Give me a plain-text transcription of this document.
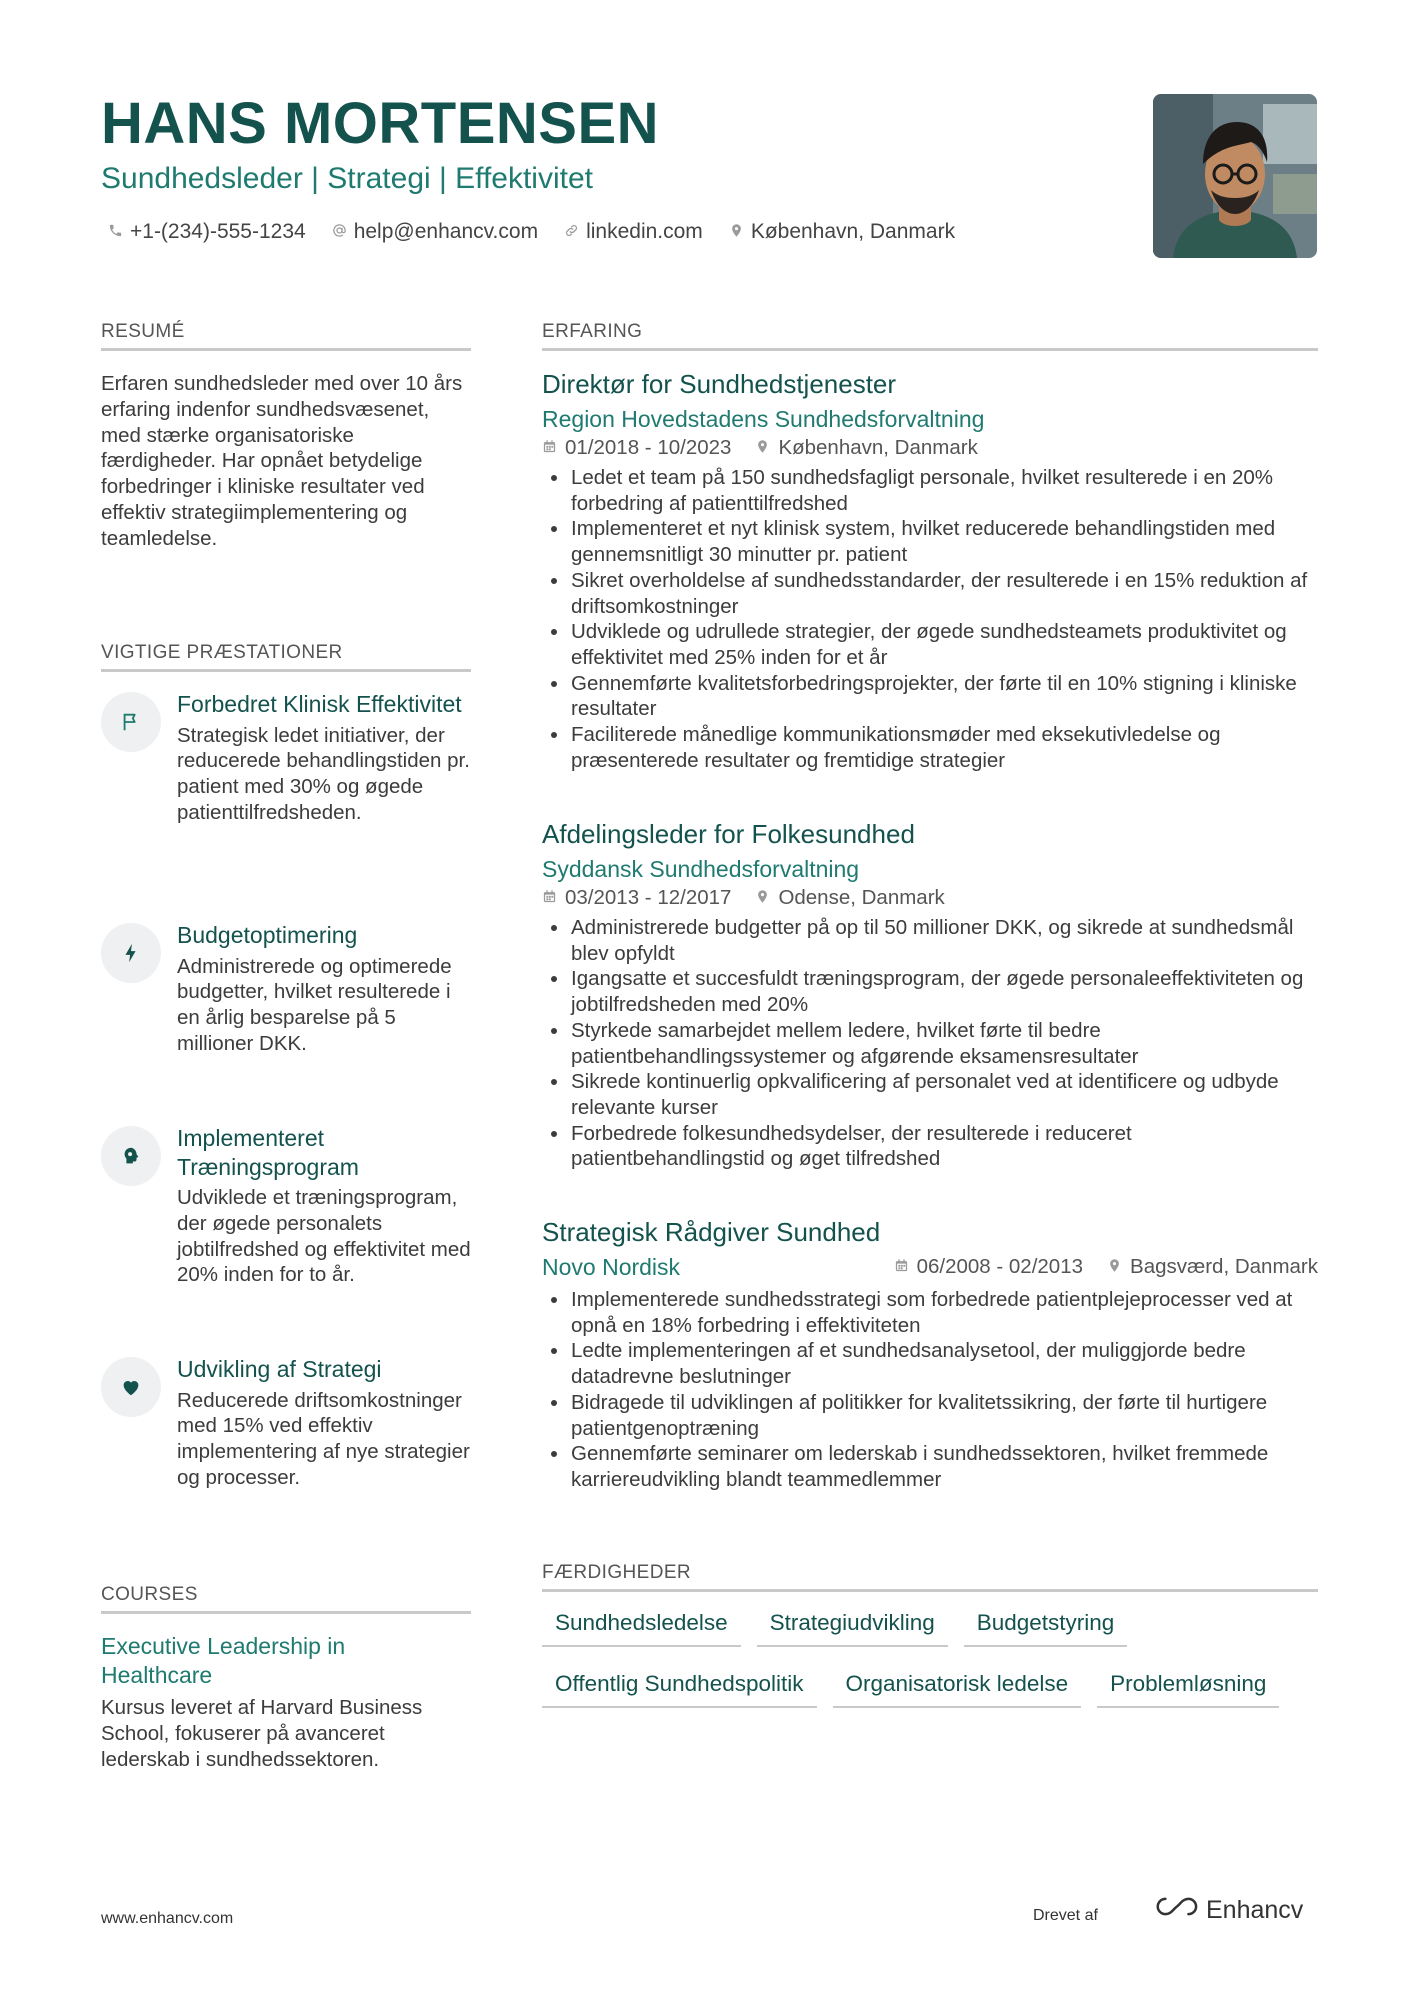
HANS MORTENSEN
Sundhedsleder | Strategi | Effektivitet
+1-(234)-555-1234 help@enhancv.com linkedin.com København, Danmark
RESUMÉ
Erfaren sundhedsleder med over 10 års erfaring indenfor sundhedsvæsenet, med stærke organisatoriske færdigheder. Har opnået betydelige forbedringer i kliniske resultater ved effektiv strategiimplementering og teamledelse.
VIGTIGE PRÆSTATIONER
Forbedret Klinisk Effektivitet
Strategisk ledet initiativer, der reducerede behandlingstiden pr. patient med 30% og øgede patienttilfredsheden.
Budgetoptimering
Administrerede og optimerede budgetter, hvilket resulterede i en årlig besparelse på 5 millioner DKK.
Implementeret Træningsprogram
Udviklede et træningsprogram, der øgede personalets jobtilfredshed og effektivitet med 20% inden for to år.
Udvikling af Strategi
Reducerede driftsomkostninger med 15% ved effektiv implementering af nye strategier og processer.
COURSES
Executive Leadership in Healthcare
Kursus leveret af Harvard Business School, fokuserer på avanceret lederskab i sundhedssektoren.
ERFARING
Direktør for Sundhedstjenester
Region Hovedstadens Sundhedsforvaltning
01/2018 - 10/2023 København, Danmark
Ledet et team på 150 sundhedsfagligt personale, hvilket resulterede i en 20% forbedring af patienttilfredshed
Implementeret et nyt klinisk system, hvilket reducerede behandlingstiden med gennemsnitligt 30 minutter pr. patient
Sikret overholdelse af sundhedsstandarder, der resulterede i en 15% reduktion af driftsomkostninger
Udviklede og udrullede strategier, der øgede sundhedsteamets produktivitet og effektivitet med 25% inden for et år
Gennemførte kvalitetsforbedringsprojekter, der førte til en 10% stigning i kliniske resultater
Faciliterede månedlige kommunikationsmøder med eksekutivledelse og præsenterede resultater og fremtidige strategier
Afdelingsleder for Folkesundhed
Syddansk Sundhedsforvaltning
03/2013 - 12/2017 Odense, Danmark
Administrerede budgetter på op til 50 millioner DKK, og sikrede at sundhedsmål blev opfyldt
Igangsatte et succesfuldt træningsprogram, der øgede personaleeffektiviteten og jobtilfredsheden med 20%
Styrkede samarbejdet mellem ledere, hvilket førte til bedre patientbehandlingssystemer og afgørende eksamensresultater
Sikrede kontinuerlig opkvalificering af personalet ved at identificere og udbyde relevante kurser
Forbedrede folkesundhedsydelser, der resulterede i reduceret patientbehandlingstid og øget tilfredshed
Strategisk Rådgiver Sundhed
Novo Nordisk	06/2008 - 02/2013 Bagsværd, Danmark
Implementerede sundhedsstrategi som forbedrede patientplejeprocesser ved at opnå en 18% forbedring i effektiviteten
Ledte implementeringen af et sundhedsanalysetool, der muliggjorde bedre datadrevne beslutninger
Bidragede til udviklingen af politikker for kvalitetssikring, der førte til hurtigere patientgenoptræning
Gennemførte seminarer om lederskab i sundhedssektoren, hvilket fremmede karriereudvikling blandt teammedlemmer
FÆRDIGHEDER
Sundhedsledelse	Strategiudvikling	Budgetstyring
Offentlig Sundhedspolitik	Organisatorisk ledelse	Problemløsning
www.enhancv.com	Drevet af	Enhancv
